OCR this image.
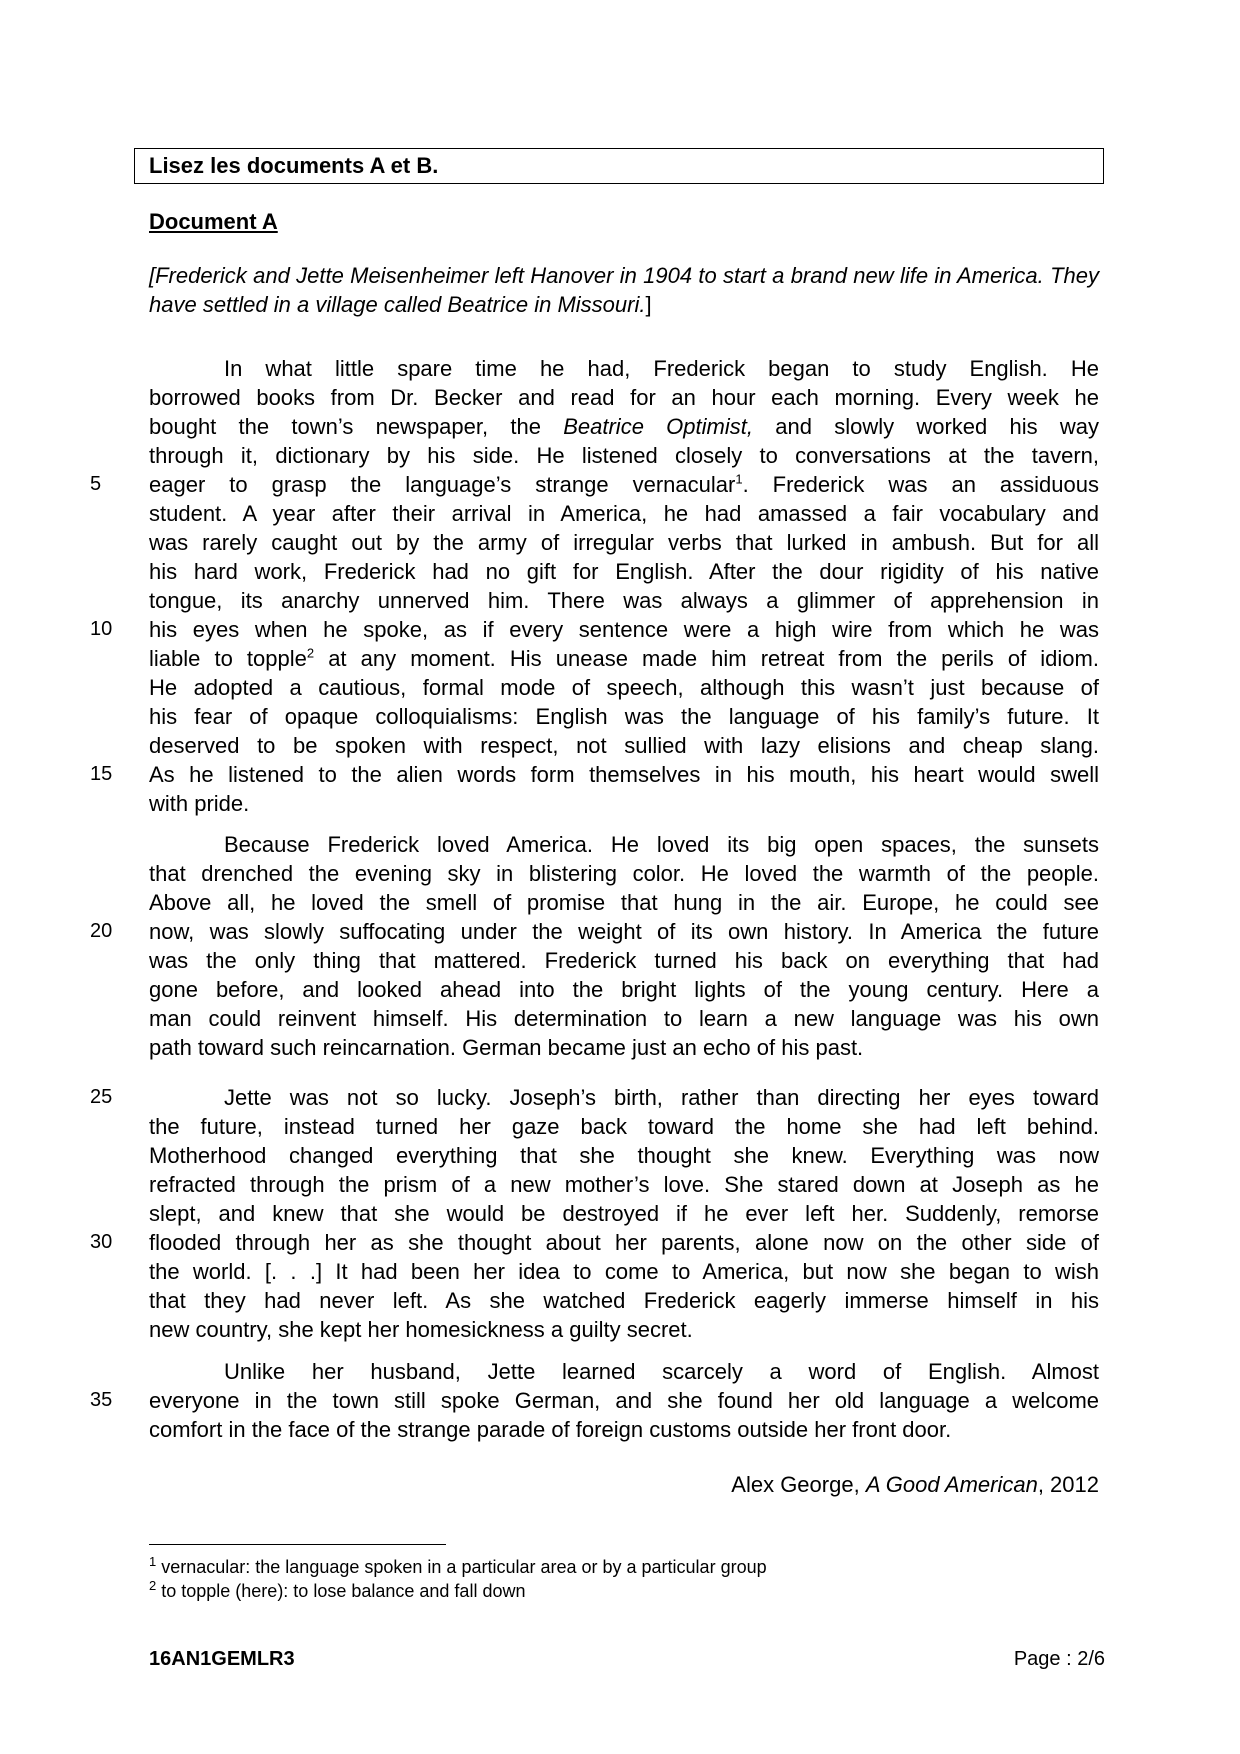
Lisez les documents A et B.
Document A
[Frederick and Jette Meisenheimer left Hanover in 1904 to start a brand new life in America. They have settled in a village called Beatrice in Missouri.]
In what little spare time he had, Frederick began to study English. He
borrowed books from Dr. Becker and read for an hour each morning. Every week he
bought the town’s newspaper, the Beatrice Optimist, and slowly worked his way
through it, dictionary by his side. He listened closely to conversations at the tavern,
eager to grasp the language’s strange vernacular$^1$. Frederick was an assiduous
student. A year after their arrival in America, he had amassed a fair vocabulary and
was rarely caught out by the army of irregular verbs that lurked in ambush. But for all
his hard work, Frederick had no gift for English. After the dour rigidity of his native
tongue, its anarchy unnerved him. There was always a glimmer of apprehension in
his eyes when he spoke, as if every sentence were a high wire from which he was
liable to topple$^2$ at any moment. His unease made him retreat from the perils of idiom.
He adopted a cautious, formal mode of speech, although this wasn’t just because of
his fear of opaque colloquialisms: English was the language of his family’s future. It
deserved to be spoken with respect, not sullied with lazy elisions and cheap slang.
As he listened to the alien words form themselves in his mouth, his heart would swell
with pride.
Because Frederick loved America. He loved its big open spaces, the sunsets
that drenched the evening sky in blistering color. He loved the warmth of the people.
Above all, he loved the smell of promise that hung in the air. Europe, he could see
now, was slowly suffocating under the weight of its own history. In America the future
was the only thing that mattered. Frederick turned his back on everything that had
gone before, and looked ahead into the bright lights of the young century. Here a
man could reinvent himself. His determination to learn a new language was his own
path toward such reincarnation. German became just an echo of his past.
Jette was not so lucky. Joseph’s birth, rather than directing her eyes toward
the future, instead turned her gaze back toward the home she had left behind.
Motherhood changed everything that she thought she knew. Everything was now
refracted through the prism of a new mother’s love. She stared down at Joseph as he
slept, and knew that she would be destroyed if he ever left her. Suddenly, remorse
flooded through her as she thought about her parents, alone now on the other side of
the world. [. . .] It had been her idea to come to America, but now she began to wish
that they had never left. As she watched Frederick eagerly immerse himself in his
new country, she kept her homesickness a guilty secret.
Unlike her husband, Jette learned scarcely a word of English. Almost
everyone in the town still spoke German, and she found her old language a welcome
comfort in the face of the strange parade of foreign customs outside her front door.
5
10
15
20
25
30
35
Alex George, A Good American, 2012
$^1$ vernacular: the language spoken in a particular area or by a particular group
$^2$ to topple (here): to lose balance and fall down
16AN1GEMLR3	Page : 2/6
